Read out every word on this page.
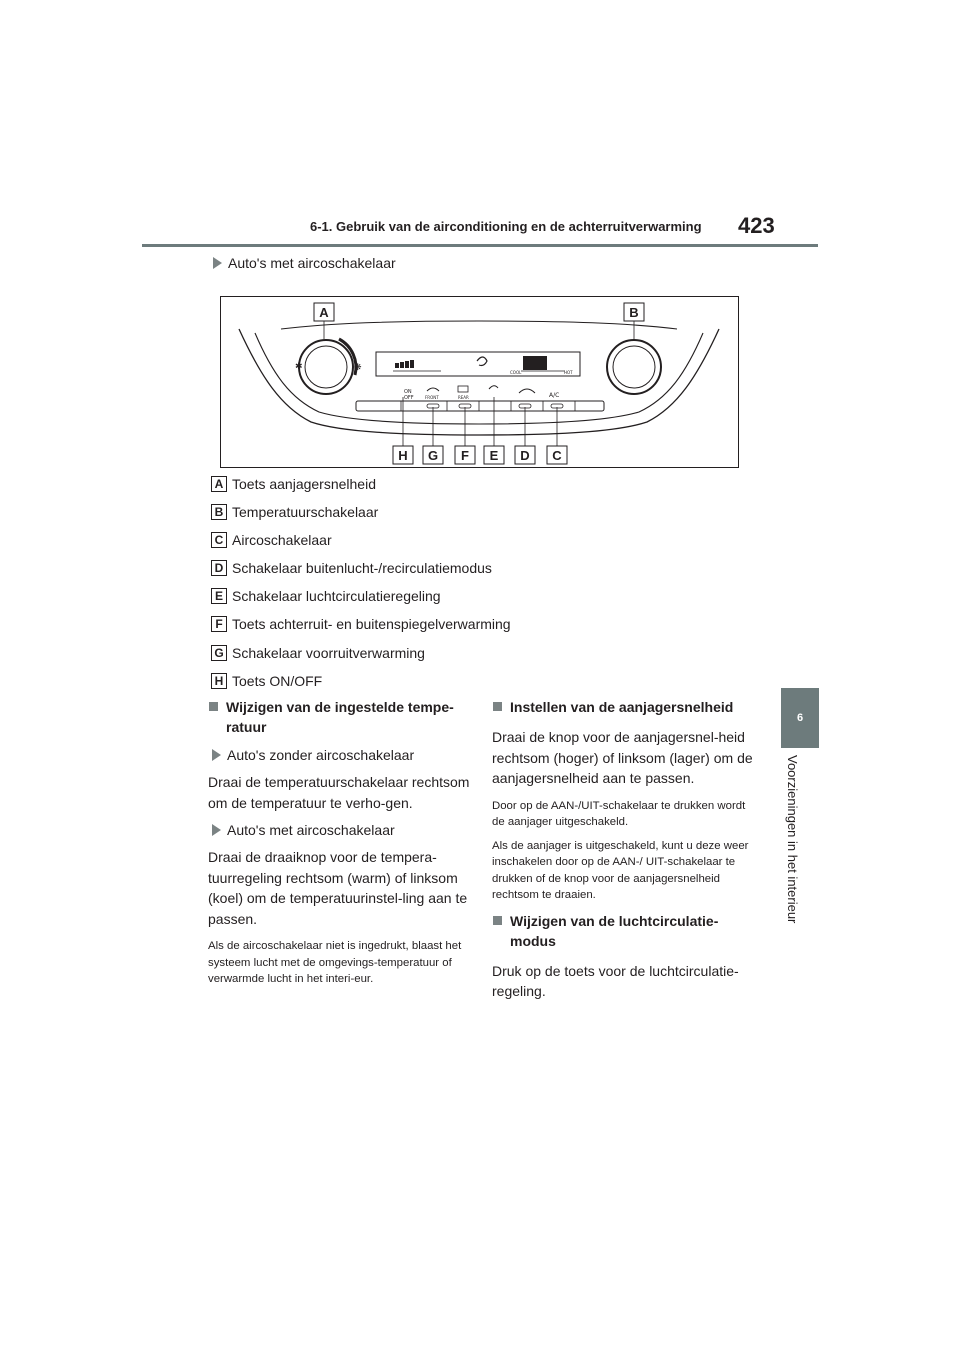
6-1. Gebruik van de airconditioning en de achterruitverwarming 423
6
Voorzieningen in het interieur
Auto's met aircoschakelaar
✱	❋	COOL	HOT
ON
OFF	FRONT	REAR	A/C
A	B
H G F E D C
A Toets aanjagersnelheid
B Temperatuurschakelaar
C Aircoschakelaar
D Schakelaar buitenlucht-/recirculatiemodus
E Schakelaar luchtcirculatieregeling
F Toets achterruit- en buitenspiegelverwarming
G Schakelaar voorruitverwarming
H Toets ON/OFF
Wijzigen van de ingestelde tempe-ratuur
Auto's zonder aircoschakelaar

Draai de temperatuurschakelaar rechtsom om de temperatuur te verho-gen.

Auto's met aircoschakelaar

Draai de draaiknop voor de tempera-tuurregeling rechtsom (warm) of linksom (koel) om de temperatuurinstel-ling aan te passen.

Als de aircoschakelaar niet is ingedrukt, blaast het systeem lucht met de omgevings-temperatuur of verwarmde lucht in het interi-eur.

Instellen van de aanjagersnelheid

Draai de knop voor de aanjagersnel-heid rechtsom (hoger) of linksom (lager) om de aanjagersnelheid aan te passen.

Door op de AAN-/UIT-schakelaar te drukken wordt de aanjager uitgeschakeld.

Als de aanjager is uitgeschakeld, kunt u deze weer inschakelen door op de AAN-/ UIT-schakelaar te drukken of de knop voor de aanjagersnelheid rechtsom te draaien.

Wijzigen van de luchtcirculatie-modus

Druk op de toets voor de luchtcirculatie-regeling.
